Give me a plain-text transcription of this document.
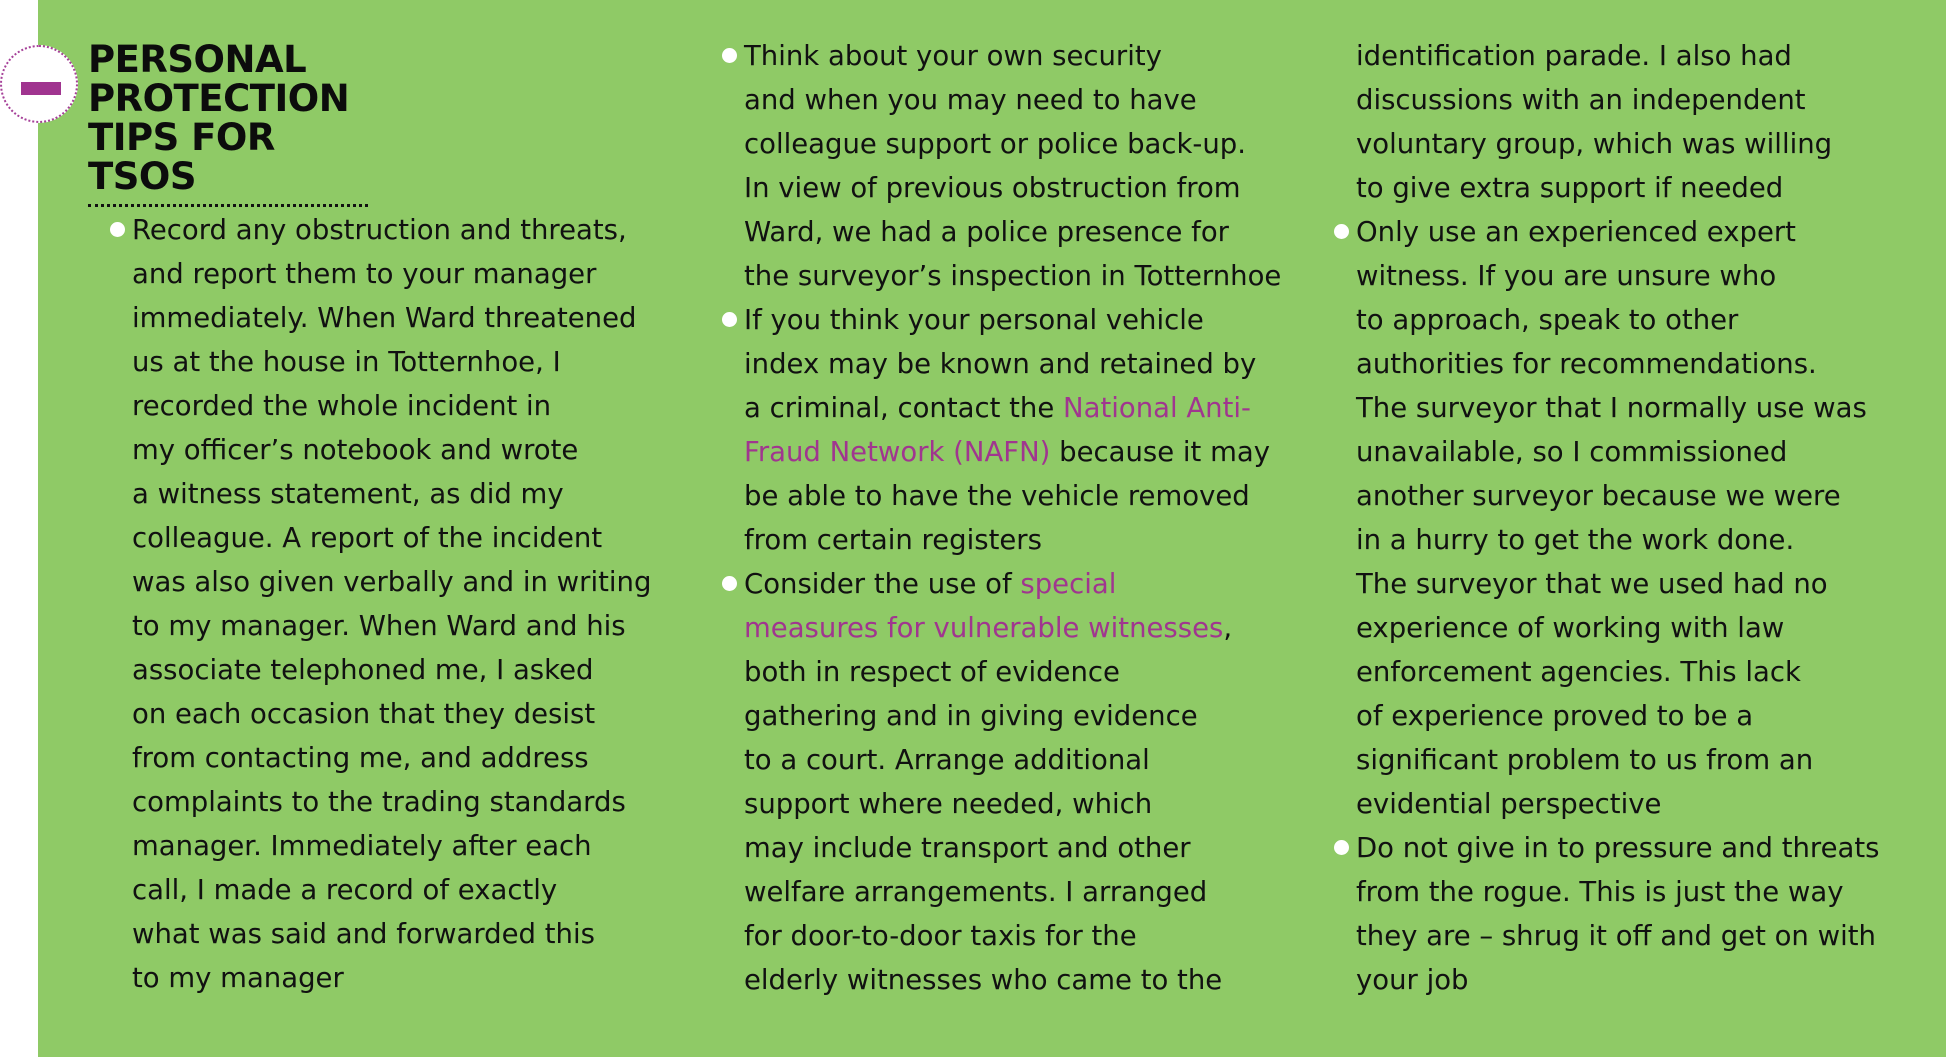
PERSONAL
PROTECTION
TIPS FOR TSOS
Record any obstruction and threats,
and report them to your manager
immediately. When Ward threatened
us at the house in Totternhoe, I
recorded the whole incident in
my officer’s notebook and wrote
a witness statement, as did my
colleague. A report of the incident
was also given verbally and in writing
to my manager. When Ward and his
associate telephoned me, I asked
on each occasion that they desist
from contacting me, and address
complaints to the trading standards
manager. Immediately after each
call, I made a record of exactly
what was said and forwarded this
to my manager
Think about your own security
and when you may need to have
colleague support or police back-up.
In view of previous obstruction from
Ward, we had a police presence for
the surveyor’s inspection in Totternhoe
If you think your personal vehicle
index may be known and retained by
a criminal, contact the National Anti-
Fraud Network (NAFN) because it may
be able to have the vehicle removed
from certain registers
Consider the use of special
measures for vulnerable witnesses,
both in respect of evidence
gathering and in giving evidence
to a court. Arrange additional
support where needed, which
may include transport and other
welfare arrangements. I arranged
for door-to-door taxis for the
elderly witnesses who came to the
identification parade. I also had
discussions with an independent
voluntary group, which was willing
to give extra support if needed
Only use an experienced expert
witness. If you are unsure who
to approach, speak to other
authorities for recommendations.
The surveyor that I normally use was
unavailable, so I commissioned
another surveyor because we were
in a hurry to get the work done.
The surveyor that we used had no
experience of working with law
enforcement agencies. This lack
of experience proved to be a
significant problem to us from an
evidential perspective
Do not give in to pressure and threats
from the rogue. This is just the way
they are – shrug it off and get on with
your job
